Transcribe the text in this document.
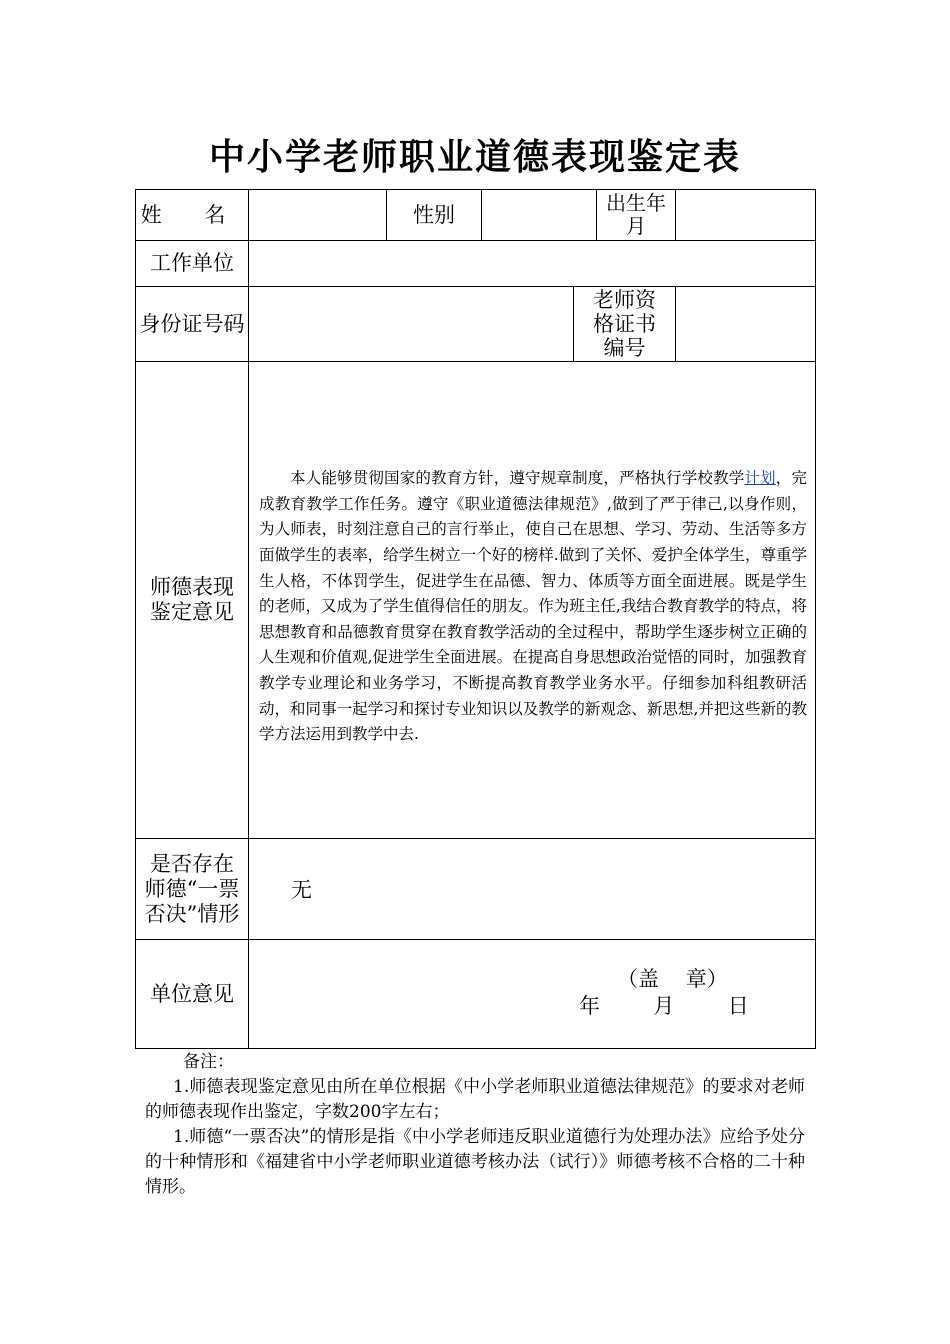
中小学老师职业道德表现鉴定表
姓 名		性别			出生年月	
工作单位						
身份证号码				老师资格证书编号		
师德表现鉴定意见	本人能够贯彻国家的教育方针，遵守规章制度，严格执行学校教学计划，完成教育教学工作任务。遵守《职业道德法律规范》,做到了严于律己,以身作则，为人师表，时刻注意自己的言行举止，使自己在思想、学习、劳动、生活等多方面做学生的表率，给学生树立一个好的榜样.做到了关怀、爱护全体学生，尊重学生人格，不体罚学生，促进学生在品德、智力、体质等方面全面进展。既是学生的老师，又成为了学生值得信任的朋友。作为班主任,我结合教育教学的特点，将思想教育和品德教育贯穿在教育教学活动的全过程中，帮助学生逐步树立正确的人生观和价值观,促进学生全面进展。在提高自身思想政治觉悟的同时，加强教育教学专业理论和业务学习，不断提高教育教学业务水平。仔细参加科组教研活动，和同事一起学习和探讨专业知识以及教学的新观念、新思想,并把这些新的教学方法运用到教学中去.					

是否存在师德“一票否决”情形	无					
单位意见	（盖    章）
年        月        日					

备注：

1.师德表现鉴定意见由所在单位根据《中小学老师职业道德法律规范》的要求对老师的师德表现作出鉴定，字数200字左右；

1.师德“一票否决”的情形是指《中小学老师违反职业道德行为处理办法》应给予处分的十种情形和《福建省中小学老师职业道德考核办法（试行）》师德考核不合格的二十种情形。
